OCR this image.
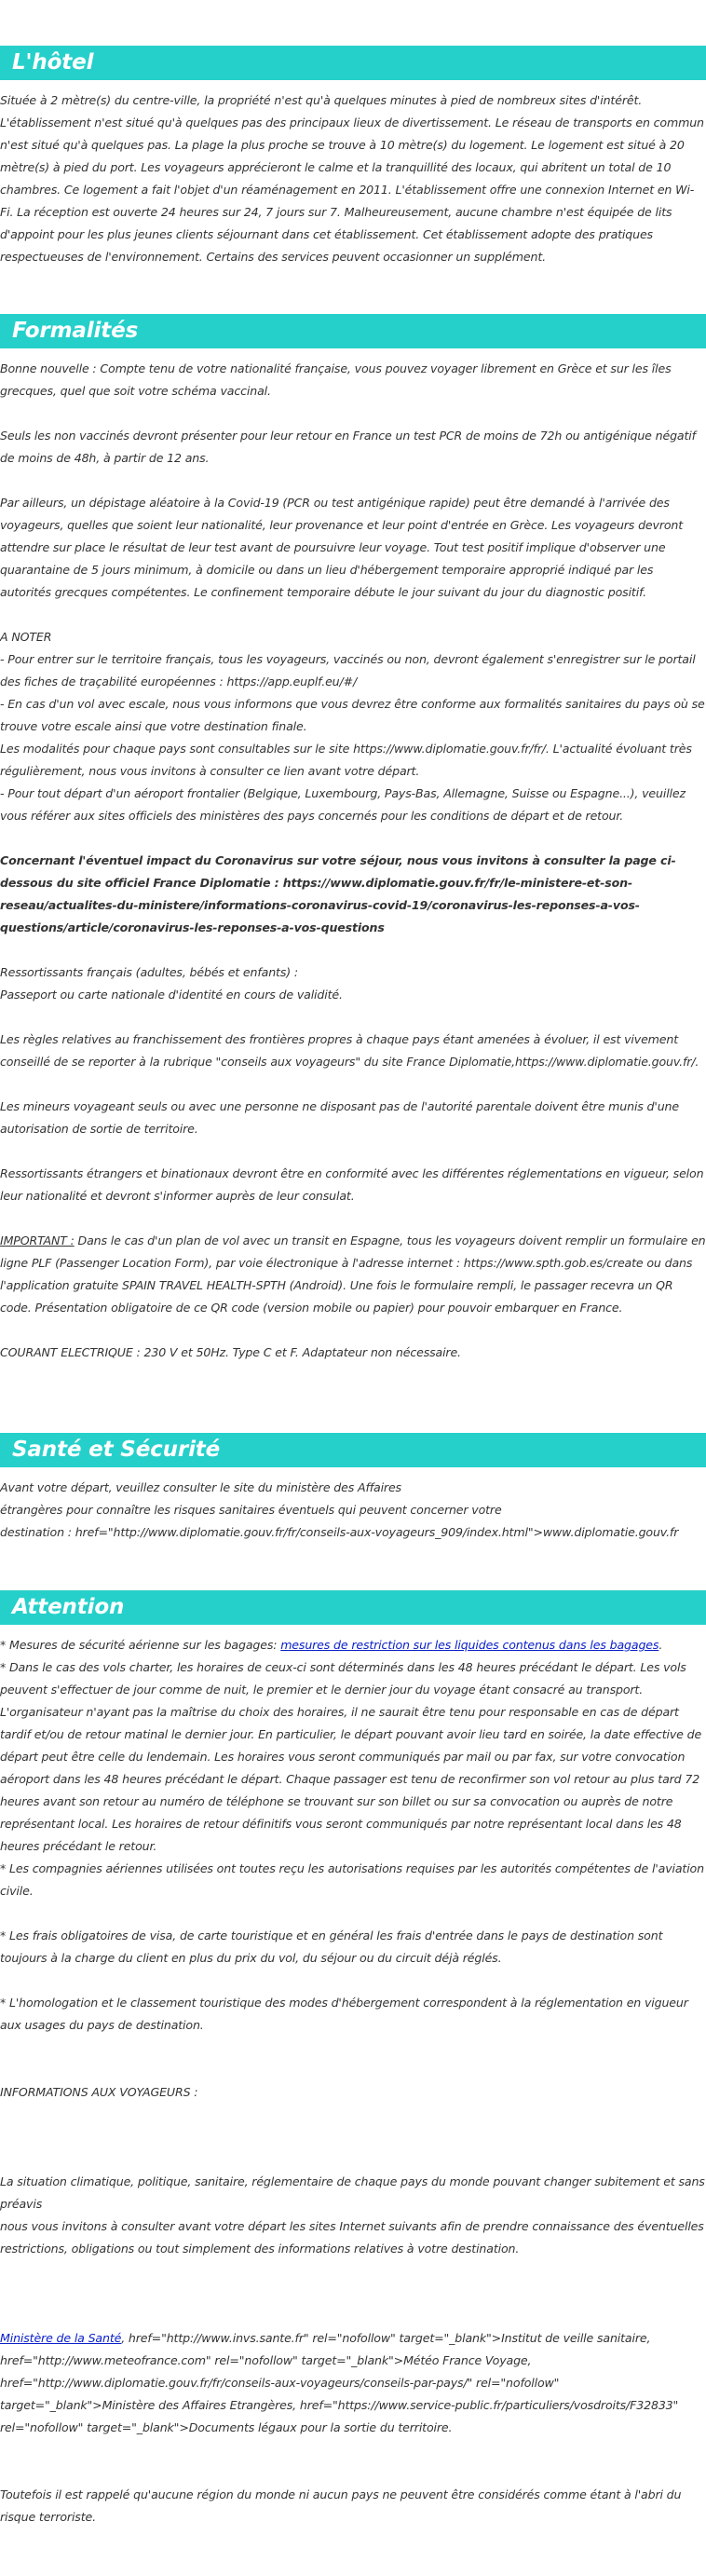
L'hôtel

Située à 2 mètre(s) du centre-ville, la propriété n'est qu'à quelques minutes à pied de nombreux sites d'intérêt. L'établissement n'est situé qu'à quelques pas des principaux lieux de divertissement. Le réseau de transports en commun n'est situé qu'à quelques pas. La plage la plus proche se trouve à 10 mètre(s) du logement. Le logement est situé à 20 mètre(s) à pied du port. Les voyageurs apprécieront le calme et la tranquillité des locaux, qui abritent un total de 10 chambres. Ce logement a fait l'objet d'un réaménagement en 2011. L'établissement offre une connexion Internet en Wi-Fi. La réception est ouverte 24 heures sur 24, 7 jours sur 7. Malheureusement, aucune chambre n'est équipée de lits d'appoint pour les plus jeunes clients séjournant dans cet établissement. Cet établissement adopte des pratiques respectueuses de l'environnement. Certains des services peuvent occasionner un supplément.

Formalités

Bonne nouvelle : Compte tenu de votre nationalité française, vous pouvez voyager librement en Grèce et sur les îles grecques, quel que soit votre schéma vaccinal.

Seuls les non vaccinés devront présenter pour leur retour en France un test PCR de moins de 72h ou antigénique négatif de moins de 48h, à partir de 12 ans.

Par ailleurs, un dépistage aléatoire à la Covid-19 (PCR ou test antigénique rapide) peut être demandé à l'arrivée des voyageurs, quelles que soient leur nationalité, leur provenance et leur point d'entrée en Grèce. Les voyageurs devront attendre sur place le résultat de leur test avant de poursuivre leur voyage. Tout test positif implique d'observer une quarantaine de 5 jours minimum, à domicile ou dans un lieu d'hébergement temporaire approprié indiqué par les autorités grecques compétentes. Le confinement temporaire débute le jour suivant du jour du diagnostic positif.

A NOTER

- Pour entrer sur le territoire français, tous les voyageurs, vaccinés ou non, devront également s'enregistrer sur le portail des fiches de traçabilité européennes : https://app.euplf.eu/#/

- En cas d'un vol avec escale, nous vous informons que vous devrez être conforme aux formalités sanitaires du pays où se trouve votre escale ainsi que votre destination finale.

Les modalités pour chaque pays sont consultables sur le site https://www.diplomatie.gouv.fr/fr/. L'actualité évoluant très régulièrement, nous vous invitons à consulter ce lien avant votre départ.

- Pour tout départ d'un aéroport frontalier (Belgique, Luxembourg, Pays-Bas, Allemagne, Suisse ou Espagne...), veuillez vous référer aux sites officiels des ministères des pays concernés pour les conditions de départ et de retour.

Concernant l'éventuel impact du Coronavirus sur votre séjour, nous vous invitons à consulter la page ci-dessous du site officiel France Diplomatie : https://www.diplomatie.gouv.fr/fr/le-ministere-et-son-reseau/actualites-du-ministere/informations-coronavirus-covid-19/coronavirus-les-reponses-a-vos-questions/article/coronavirus-les-reponses-a-vos-questions

Ressortissants français (adultes, bébés et enfants) :

Passeport ou carte nationale d'identité en cours de validité.

Les règles relatives au franchissement des frontières propres à chaque pays étant amenées à évoluer, il est vivement conseillé de se reporter à la rubrique "conseils aux voyageurs" du site France Diplomatie,https://www.diplomatie.gouv.fr/.

Les mineurs voyageant seuls ou avec une personne ne disposant pas de l'autorité parentale doivent être munis d'une autorisation de sortie de territoire.

Ressortissants étrangers et binationaux devront être en conformité avec les différentes réglementations en vigueur, selon leur nationalité et devront s'informer auprès de leur consulat.

IMPORTANT : Dans le cas d'un plan de vol avec un transit en Espagne, tous les voyageurs doivent remplir un formulaire en ligne PLF (Passenger Location Form), par voie électronique à l'adresse internet : https://www.spth.gob.es/create ou dans l'application gratuite SPAIN TRAVEL HEALTH-SPTH (Android). Une fois le formulaire rempli, le passager recevra un QR code. Présentation obligatoire de ce QR code (version mobile ou papier) pour pouvoir embarquer en France.

COURANT ELECTRIQUE : 230 V et 50Hz. Type C et F. Adaptateur non nécessaire.

Santé et Sécurité

Avant votre départ, veuillez consulter le site du ministère des Affaires

étrangères pour connaître les risques sanitaires éventuels qui peuvent concerner votre

destination : href="http://www.diplomatie.gouv.fr/fr/conseils-aux-voyageurs_909/index.html">www.diplomatie.gouv.fr

Attention

* Mesures de sécurité aérienne sur les bagages: mesures de restriction sur les liquides contenus dans les bagages.

* Dans le cas des vols charter, les horaires de ceux-ci sont déterminés dans les 48 heures précédant le départ. Les vols peuvent s'effectuer de jour comme de nuit, le premier et le dernier jour du voyage étant consacré au transport. L'organisateur n'ayant pas la maîtrise du choix des horaires, il ne saurait être tenu pour responsable en cas de départ tardif et/ou de retour matinal le dernier jour. En particulier, le départ pouvant avoir lieu tard en soirée, la date effective de départ peut être celle du lendemain. Les horaires vous seront communiqués par mail ou par fax, sur votre convocation aéroport dans les 48 heures précédant le départ. Chaque passager est tenu de reconfirmer son vol retour au plus tard 72 heures avant son retour au numéro de téléphone se trouvant sur son billet ou sur sa convocation ou auprès de notre représentant local. Les horaires de retour définitifs vous seront communiqués par notre représentant local dans les 48 heures précédant le retour.

* Les compagnies aériennes utilisées ont toutes reçu les autorisations requises par les autorités compétentes de l'aviation civile.

* Les frais obligatoires de visa, de carte touristique et en général les frais d'entrée dans le pays de destination sont toujours à la charge du client en plus du prix du vol, du séjour ou du circuit déjà réglés.

* L'homologation et le classement touristique des modes d'hébergement correspondent à la réglementation en vigueur aux usages du pays de destination.

INFORMATIONS AUX VOYAGEURS :

La situation climatique, politique, sanitaire, réglementaire de chaque pays du monde pouvant changer subitement et sans préavis

nous vous invitons à consulter avant votre départ les sites Internet suivants afin de prendre connaissance des éventuelles restrictions, obligations ou tout simplement des informations relatives à votre destination.

Ministère de la Santé, href="http://www.invs.sante.fr" rel="nofollow" target="_blank">Institut de veille sanitaire, href="http://www.meteofrance.com" rel="nofollow" target="_blank">Météo France Voyage, href="http://www.diplomatie.gouv.fr/fr/conseils-aux-voyageurs/conseils-par-pays/" rel="nofollow" target="_blank">Ministère des Affaires Etrangères, href="https://www.service-public.fr/particuliers/vosdroits/F32833" rel="nofollow" target="_blank">Documents légaux pour la sortie du territoire.

Toutefois il est rappelé qu'aucune région du monde ni aucun pays ne peuvent être considérés comme étant à l'abri du risque terroriste.
